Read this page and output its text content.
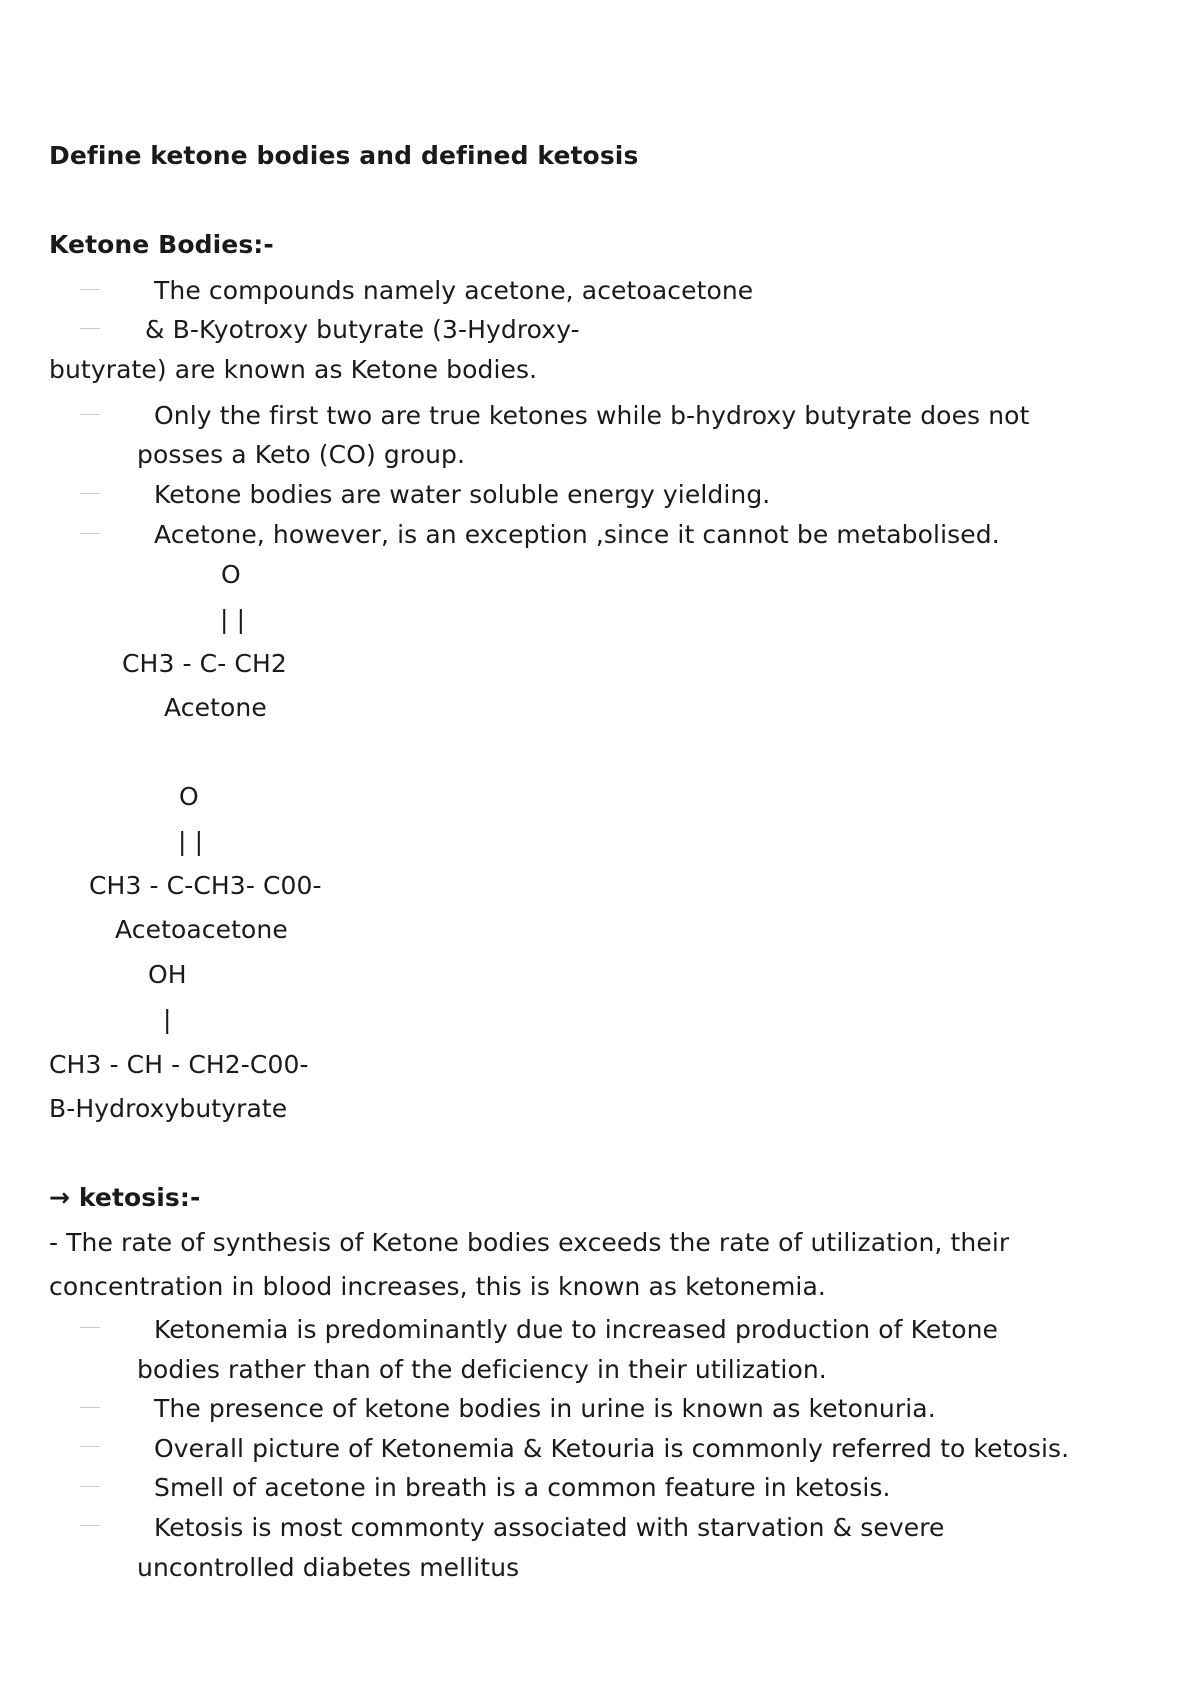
Define ketone bodies and defined ketosis
Ketone Bodies:-
The compounds namely acetone, acetoacetone
& B-Kyotroxy butyrate (3-Hydroxy-
butyrate) are known as Ketone bodies.
Only the first two are true ketones while b-hydroxy butyrate does not
posses a Keto (CO) group.
Ketone bodies are water soluble energy yielding.
Acetone, however, is an exception ,since it cannot be metabolised.
O
| |
CH3 - C- CH2
Acetone
O
| |
CH3 - C-CH3- C00-
Acetoacetone
OH
|
CH3 - CH - CH2-C00-
B-Hydroxybutyrate
→ ketosis:-
- The rate of synthesis of Ketone bodies exceeds the rate of utilization, their
concentration in blood increases, this is known as ketonemia.
Ketonemia is predominantly due to increased production of Ketone
bodies rather than of the deficiency in their utilization.
The presence of ketone bodies in urine is known as ketonuria.
Overall picture of Ketonemia & Ketouria is commonly referred to ketosis.
Smell of acetone in breath is a common feature in ketosis.
Ketosis is most commonty associated with starvation & severe
uncontrolled diabetes mellitus
